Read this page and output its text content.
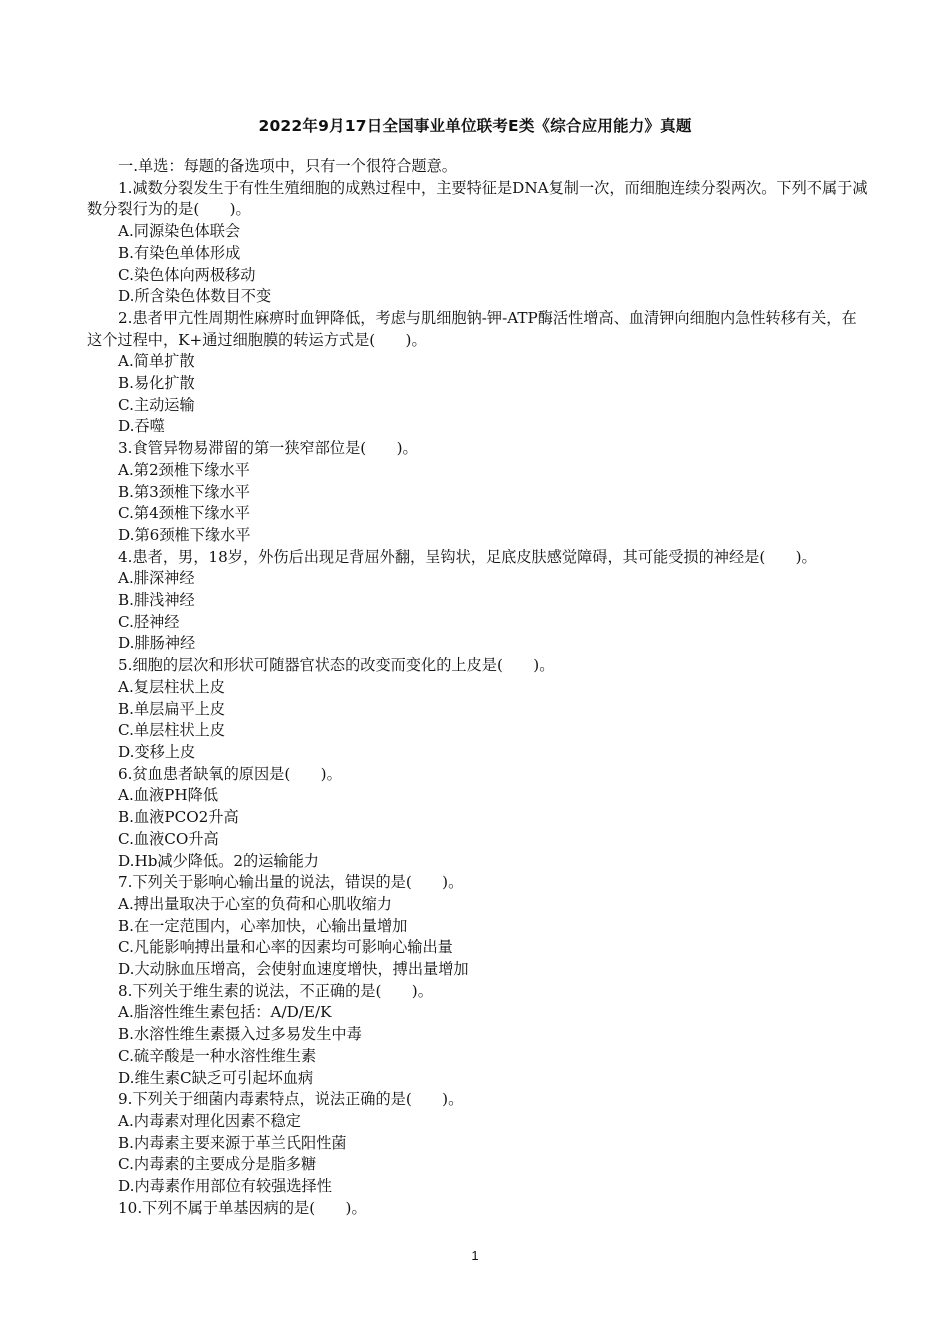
2022年9月17日全国事业单位联考E类《综合应用能力》真题

一.单选：每题的备选项中，只有一个很符合题意。

1.减数分裂发生于有性生殖细胞的成熟过程中，主要特征是DNA复制一次，而细胞连续分裂两次。下列不属于减数分裂行为的是(　　)。

A.同源染色体联会

B.有染色单体形成

C.染色体向两极移动

D.所含染色体数目不变

2.患者甲亢性周期性麻痹时血钾降低，考虑与肌细胞钠-钾-ATP酶活性增高、血清钾向细胞内急性转移有关，在这个过程中，K+通过细胞膜的转运方式是(　　)。

A.简单扩散

B.易化扩散

C.主动运输

D.吞噬

3.食管异物易滞留的第一狭窄部位是(　　)。

A.第2颈椎下缘水平

B.第3颈椎下缘水平

C.第4颈椎下缘水平

D.第6颈椎下缘水平

4.患者，男，18岁，外伤后出现足背屈外翻，呈钩状，足底皮肤感觉障碍，其可能受损的神经是(　　)。

A.腓深神经

B.腓浅神经

C.胫神经

D.腓肠神经

5.细胞的层次和形状可随器官状态的改变而变化的上皮是(　　)。

A.复层柱状上皮

B.单层扁平上皮

C.单层柱状上皮

D.变移上皮

6.贫血患者缺氧的原因是(　　)。

A.血液PH降低

B.血液PCO2升高

C.血液CO升高

D.Hb减少降低。2的运输能力

7.下列关于影响心输出量的说法，错误的是(　　)。

A.搏出量取决于心室的负荷和心肌收缩力

B.在一定范围内，心率加快，心输出量增加

C.凡能影响搏出量和心率的因素均可影响心输出量

D.大动脉血压增高，会使射血速度增快，搏出量增加

8.下列关于维生素的说法，不正确的是(　　)。

A.脂溶性维生素包括：A/D/E/K

B.水溶性维生素摄入过多易发生中毒

C.硫辛酸是一种水溶性维生素

D.维生素C缺乏可引起坏血病

9.下列关于细菌内毒素特点，说法正确的是(　　)。

A.内毒素对理化因素不稳定

B.内毒素主要来源于革兰氏阳性菌

C.内毒素的主要成分是脂多糖

D.内毒素作用部位有较强选择性

10.下列不属于单基因病的是(　　)。

1
